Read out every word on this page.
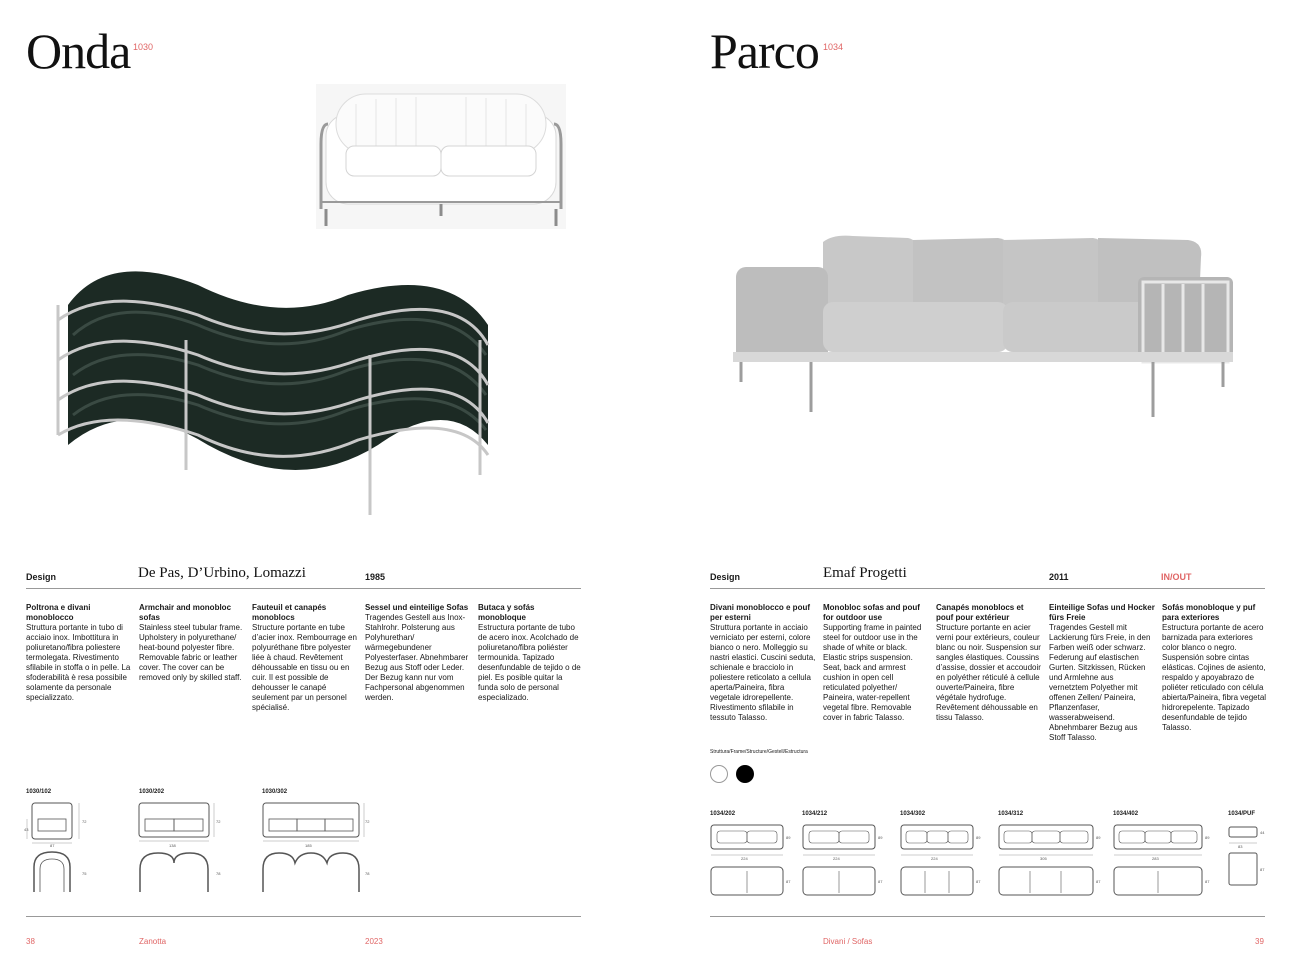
Onda 1030
Design	De Pas, D’Urbino, Lomazzi	1985
Poltrona e divani monoblocco
Struttura portante in tubo di acciaio inox. Imbottitura in poliuretano/fibra poliestere termolegata. Rivestimento sfilabile in stoffa o in pelle. La sfoderabilità è resa possibile solamente da personale specializzato.
Armchair and monobloc sofas
Stainless steel tubular frame. Upholstery in polyurethane/ heat-bound polyester fibre. Removable fabric or leather cover. The cover can be removed only by skilled staff.
Fauteuil et canapés monoblocs
Structure portante en tube d’acier inox. Rembourrage en polyuréthane fibre polyester liée à chaud. Revêtement déhoussable en tissu ou en cuir. Il est possible de dehousser le canapé seulement par un personel spécialisé.
Sessel und einteilige Sofas
Tragendes Gestell aus Inox-Stahlrohr. Polsterung aus Polyhurethan/ wärmegebundener Polyesterfaser. Abnehmbarer Bezug aus Stoff oder Leder. Der Bezug kann nur vom Fachpersonal abgenommen werden.
Butaca y sofás monobloque
Estructura portante de tubo de acero inox. Acolchado de poliuretano/fibra poliéster termounida. Tapizado desenfundable de tejido o de piel. Es posible quitar la funda solo de personal especializado.
1030/102
72
43
87
75
1030/202
72
138
78
1030/302
72
185
78
38	Zanotta	2023
Parco 1034
Design	Emaf Progetti	2011	IN/OUT
Divani monoblocco e pouf per esterni
Struttura portante in acciaio verniciato per esterni, colore bianco o nero. Molleggio su nastri elastici. Cuscini seduta, schienale e bracciolo in poliestere reticolato a cellula aperta/Paineira, fibra vegetale idrorepellente. Rivestimento sfilabile in tessuto Talasso.
Monobloc sofas and pouf for outdoor use
Supporting frame in painted steel for outdoor use in the shade of white or black. Elastic strips suspension. Seat, back and armrest cushion in open cell reticulated polyether/ Paineira, water-repellent vegetal fibre. Removable cover in fabric Talasso.
Canapés monoblocs et pouf pour extérieur
Structure portante en acier verni pour extérieurs, couleur blanc ou noir. Suspension sur sangles élastiques. Coussins d’assise, dossier et accoudoir en polyéther réticulé à cellule ouverte/Paineira, fibre végétale hydrofuge. Revêtement déhoussable en tissu Talasso.
Einteilige Sofas und Hocker fürs Freie
Tragendes Gestell mit Lackierung fürs Freie, in den Farben weiß oder schwarz. Federung auf elastischen Gurten. Sitzkissen, Rücken und Armlehne aus vernetztem Polyether mit offenen Zellen/ Paineira, Pflanzenfaser, wasserabweisend. Abnehmbarer Bezug aus Stoff Talasso.
Sofás monobloque y puf para exteriores
Estructura portante de acero barnizada para exteriores color blanco o negro. Suspensión sobre cintas elásticas. Cojines de asiento, respaldo y apoyabrazo de poliéter reticulado con célula abierta/Paineira, fibra vegetal hidrorepelente. Tapizado desenfundable de tejido Talasso.
Struttura/Frame/Structure/Gestell/Estructura
1034/202
224
89
87
1034/212
224
89
87
1034/302
224
89
87
1034/312
305
89
87
1034/402
283
89
87
1034/PUF
83
44
87
Divani / Sofas	39
